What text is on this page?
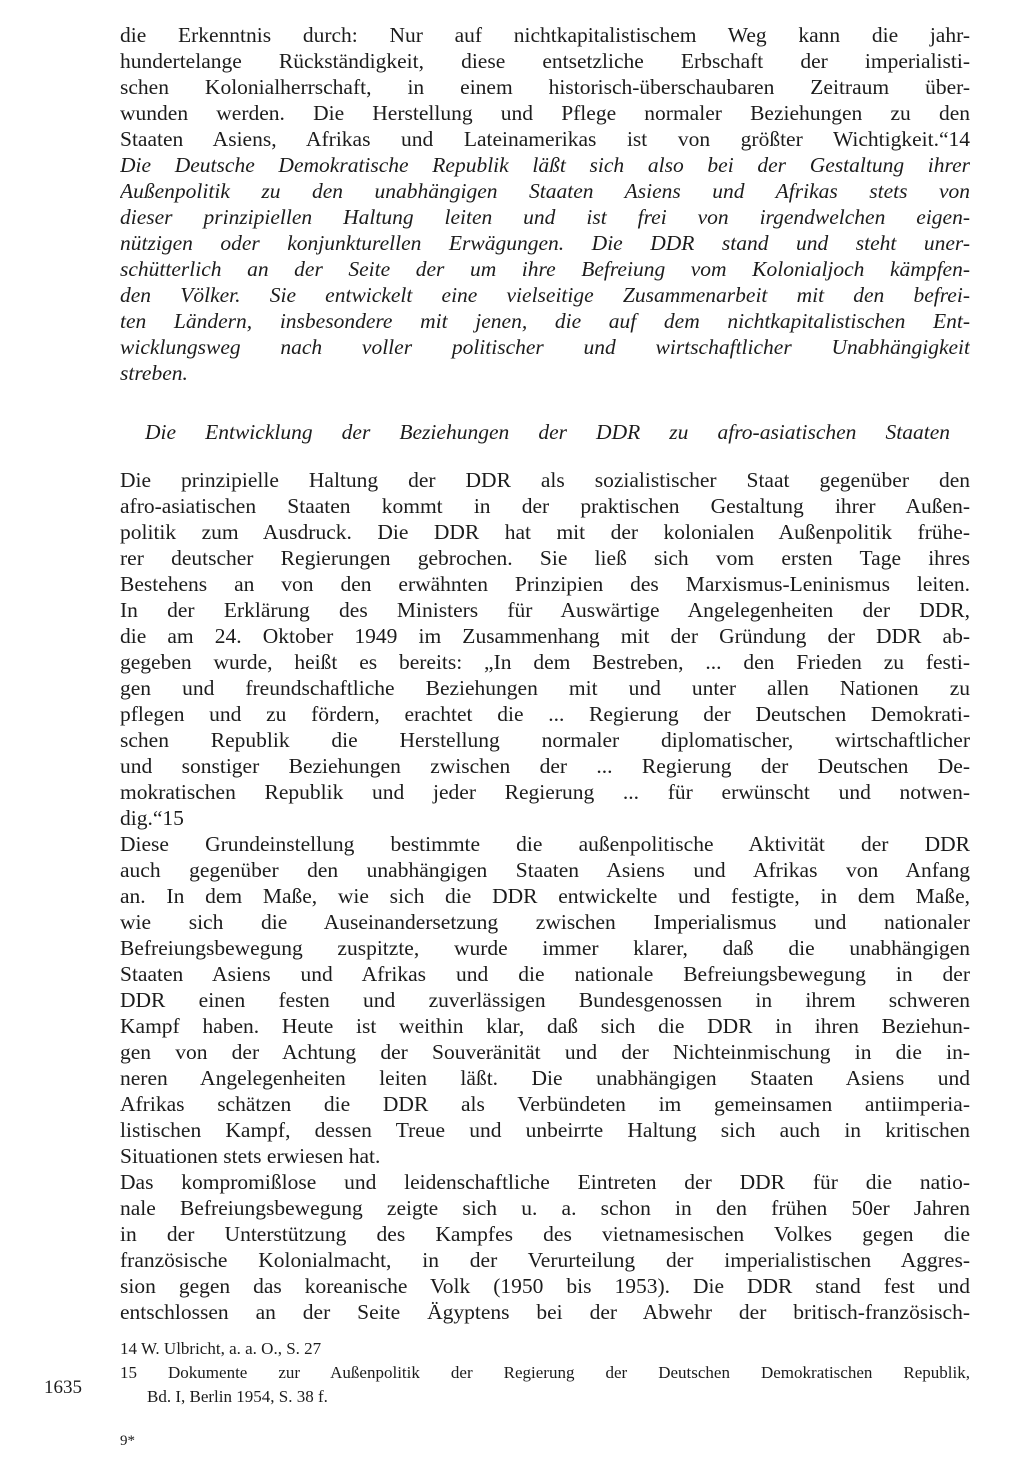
die Erkenntnis durch: Nur auf nichtkapitalistischem Weg kann die jahr-
hundertelange Rückständigkeit, diese entsetzliche Erbschaft der imperialisti-
schen Kolonialherrschaft, in einem historisch-überschaubaren Zeitraum über-
wunden werden. Die Herstellung und Pflege normaler Beziehungen zu den
Staaten Asiens, Afrikas und Lateinamerikas ist von größter Wichtigkeit.“14
Die Deutsche Demokratische Republik läßt sich also bei der Gestaltung ihrer
Außenpolitik zu den unabhängigen Staaten Asiens und Afrikas stets von
dieser prinzipiellen Haltung leiten und ist frei von irgendwelchen eigen-
nützigen oder konjunkturellen Erwägungen. Die DDR stand und steht uner-
schütterlich an der Seite der um ihre Befreiung vom Kolonialjoch kämpfen-
den Völker. Sie entwickelt eine vielseitige Zusammenarbeit mit den befrei-
ten Ländern, insbesondere mit jenen, die auf dem nichtkapitalistischen Ent-
wicklungsweg nach voller politischer und wirtschaftlicher Unabhängigkeit
streben.
Die Entwicklung der Beziehungen der DDR zu afro-asiatischen Staaten
Die prinzipielle Haltung der DDR als sozialistischer Staat gegenüber den
afro-asiatischen Staaten kommt in der praktischen Gestaltung ihrer Außen-
politik zum Ausdruck. Die DDR hat mit der kolonialen Außenpolitik frühe-
rer deutscher Regierungen gebrochen. Sie ließ sich vom ersten Tage ihres
Bestehens an von den erwähnten Prinzipien des Marxismus-Leninismus leiten.
In der Erklärung des Ministers für Auswärtige Angelegenheiten der DDR,
die am 24. Oktober 1949 im Zusammenhang mit der Gründung der DDR ab-
gegeben wurde, heißt es bereits: „In dem Bestreben, ... den Frieden zu festi-
gen und freundschaftliche Beziehungen mit und unter allen Nationen zu
pflegen und zu fördern, erachtet die ... Regierung der Deutschen Demokrati-
schen Republik die Herstellung normaler diplomatischer, wirtschaftlicher
und sonstiger Beziehungen zwischen der ... Regierung der Deutschen De-
mokratischen Republik und jeder Regierung ... für erwünscht und notwen-
dig.“15
Diese Grundeinstellung bestimmte die außenpolitische Aktivität der DDR
auch gegenüber den unabhängigen Staaten Asiens und Afrikas von Anfang
an. In dem Maße, wie sich die DDR entwickelte und festigte, in dem Maße,
wie sich die Auseinandersetzung zwischen Imperialismus und nationaler
Befreiungsbewegung zuspitzte, wurde immer klarer, daß die unabhängigen
Staaten Asiens und Afrikas und die nationale Befreiungsbewegung in der
DDR einen festen und zuverlässigen Bundesgenossen in ihrem schweren
Kampf haben. Heute ist weithin klar, daß sich die DDR in ihren Beziehun-
gen von der Achtung der Souveränität und der Nichteinmischung in die in-
neren Angelegenheiten leiten läßt. Die unabhängigen Staaten Asiens und
Afrikas schätzen die DDR als Verbündeten im gemeinsamen antiimperia-
listischen Kampf, dessen Treue und unbeirrte Haltung sich auch in kritischen
Situationen stets erwiesen hat.
Das kompromißlose und leidenschaftliche Eintreten der DDR für die natio-
nale Befreiungsbewegung zeigte sich u. a. schon in den frühen 50er Jahren
in der Unterstützung des Kampfes des vietnamesischen Volkes gegen die
französische Kolonialmacht, in der Verurteilung der imperialistischen Aggres-
sion gegen das koreanische Volk (1950 bis 1953). Die DDR stand fest und
entschlossen an der Seite Ägyptens bei der Abwehr der britisch-französisch-
14 W. Ulbricht, a. a. O., S. 27
15 Dokumente zur Außenpolitik der Regierung der Deutschen Demokratischen Republik,
Bd. I, Berlin 1954, S. 38 f.
1635
9*
